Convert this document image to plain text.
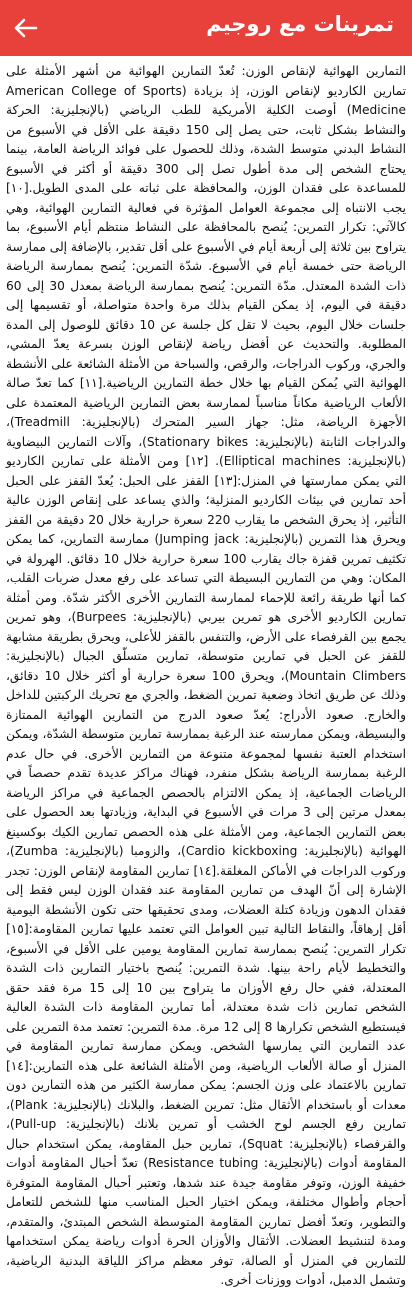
تمرينات مع روجيم

التمارين الهوائية لإنقاص الوزن: تُعدّ التمارين الهوائية من أشهر الأمثلة على تمارين الكارديو لإنقاص الوزن، إذ بزيادة (American College of Sports Medicine) أوصت الكلية الأمريكية للطب الرياضي (بالإنجليزية: الحركة والنشاط بشكل ثابت، حتى يصل إلى 150 دقيقة على الأقل في الأسبوع من النشاط البدني متوسط الشدة، وذلك للحصول على فوائد الرياضة العامة، بينما يحتاج الشخص إلى مدة أطول تصل إلى 300 دقيقة أو أكثر في الأسبوع للمساعدة على فقدان الوزن، والمحافظة على ثباته على المدى الطويل.[١٠] يجب الانتباه إلى مجموعة العوامل المؤثرة في فعالية التمارين الهوائية، وهي كالآتي: تكرار التمرين: يُنصح بالمحافظة على النشاط منتظم أيام الأسبوع، بما يتراوح بين ثلاثة إلى أربعة أيام في الأسبوع على أقل تقدير، بالإضافة إلى ممارسة الرياضة حتى خمسة أيام في الأسبوع. شدّة التمرين: يُنصح بممارسة الرياضة ذات الشدة المعتدل. مدّة التمرين: يُنصح بممارسة الرياضة بمعدل 30 إلى 60 دقيقة في اليوم، إذ يمكن القيام بذلك مرة واحدة متواصلة، أو تقسيمها إلى جلسات خلال اليوم، بحيث لا تقل كل جلسة عن 10 دقائق للوصول إلى المدة المطلوبة. والتحديث عن أفضل رياضة لإنقاص الوزن بسرعة يعدّ المشي، والجري، وركوب الدراجات، والرقص، والسباحة من الأمثلة الشائعة على الأنشطة الهوائية التي يُمكن القيام بها خلال خطة التمارين الرياضية.[١١] كما تعدّ صالة الألعاب الرياضية مكاناً مناسباً لممارسة بعض التمارين الرياضية المعتمدة على الأجهزة الرياضة، مثل: جهاز السير المتحرك (بالإنجليزية: Treadmill)، والدراجات الثابتة (بالإنجليزية: Stationary bikes)، وآلات التمارين البيضاوية (بالإنجليزية: Elliptical machines). [١٢] ومن الأمثلة على تمارين الكارديو التي يمكن ممارستها في المنزل:[١٣] القفز على الحبل: يُعدّ القفز على الحبل أحد تمارين في بيئات الكارديو المنزلية؛ والذي يساعد على إنقاص الوزن عالية التأثير، إذ يحرق الشخص ما يقارب 220 سعرة حرارية خلال 20 دقيقة من القفز ويحرق هذا التمرين (بالإنجليزية: Jumping jack) ممارسة التمارين، كما يمكن تكثيف تمرين قفزة جاك يقارب 100 سعرة حرارية خلال 10 دقائق. الهرولة في المكان: وهي من التمارين البسيطة التي تساعد على رفع معدل ضربات القلب، كما أنها طريقة رائعة للإحماء لممارسة التمارين الأخرى الأكثر شدّة. ومن أمثلة تمارين الكارديو الأخرى هو تمرين بيربي (بالإنجليزية: Burpees)، وهو تمرين يجمع بين القرفصاء على الأرض، والتنفس بالقفز للأعلى، ويحرق بطريقة مشابهة للقفز عن الحبل في تمارين متوسطة، تمارين متسلّق الجبال (بالإنجليزية: Mountain Climbers)، ويحرق 100 سعرة حرارية أو أكثر خلال 10 دقائق، وذلك عن طريق اتخاذ وضعية تمرين الضغط، والجري مع تحريك الركبتين للداخل والخارج. صعود الأدراج: يُعدّ صعود الدرج من التمارين الهوائية الممتازة والبسيطة، ويمكن ممارسته عند الرغبة بممارسة تمارين متوسطة الشدّة، ويمكن استخدام العتبة نفسها لمجموعة متنوعة من التمارين الأخرى. في حال عدم الرغبة بممارسة الرياضة بشكل منفرد، فهناك مراكز عديدة تقدم حصصاً في الرياضات الجماعية، إذ يمكن الالتزام بالحصص الجماعية في مراكز الرياضة بمعدل مرتين إلى 3 مرات في الأسبوع في البداية، وزيادتها بعد الحصول على بعض التمارين الجماعية، ومن الأمثلة على هذه الحصص تمارين الكيك بوكسينغ الهوائية (بالإنجليزية: Cardio kickboxing)، والزومبا (بالإنجليزية: Zumba)، وركوب الدراجات في الأماكن المغلقة.[١٤] تمارين المقاومة لإنقاص الوزن: تجدر الإشارة إلى أنّ الهدف من تمارين المقاومة عند فقدان الوزن ليس فقط إلى فقدان الدهون وزيادة كتلة العضلات، ومدى تحقيقها حتى تكون الأنشطة اليومية أقل إرهاقاً، والنقاط التالية تبين العوامل التي تعتمد عليها تمارين المقاومة:[١٥] تكرار التمرين: يُنصح بممارسة تمارين المقاومة يومين على الأقل في الأسبوع، والتخطيط لأيام راحة بينها. شدة التمرين: يُنصح باختيار التمارين ذات الشدة المعتدلة، ففي حال رفع الأوزان ما يتراوح بين 10 إلى 15 مرة فقد حقق الشخص تمارين ذات شدة معتدلة، أما تمارين المقاومة ذات الشدة العالية فيستطيع الشخص تكرارها 8 إلى 12 مرة. مدة التمرين: تعتمد مدة التمرين على عدد التمارين التي يمارسها الشخص. ويمكن ممارسة تمارين المقاومة في المنزل أو صالة الألعاب الرياضية، ومن الأمثلة الشائعة على هذه التمارين:[١٤] تمارين بالاعتماد على وزن الجسم: يمكن ممارسة الكثير من هذه التمارين دون معدات أو باستخدام الأثقال مثل: تمرين الضغط، والبلانك (بالإنجليزية: Plank)، تمارين رفع الجسم لوح الخشب أو تمرين بلانك (بالإنجليزية: Pull-up)، والقرفصاء (بالإنجليزية: Squat)، تمارين حبل المقاومة، يمكن استخدام حبال المقاومة أدوات (بالإنجليزية: Resistance tubing) تعدّ أحبال المقاومة أدوات خفيفة الوزن، وتوفر مقاومة جيدة عند شدها، وتعتبر أحبال المقاومة المتوفرة أحجام وأطوال مختلفة، ويمكن اختيار الحبل المناسب منها للشخص للتعامل والتطوير، وتعدّ أفضل تمارين المقاومة المتوسطة الشخص المبتدئ، والمتقدم، ومدة لتنشيط العضلات. الأثقال والأوزان الحرة أدوات رياضة يمكن استخدامها للتمارين في المنزل أو الصالة، توفر معظم مراكز اللياقة البدنية الرياضية، وتشمل الدمبل، أدوات ووزنات أخرى.
